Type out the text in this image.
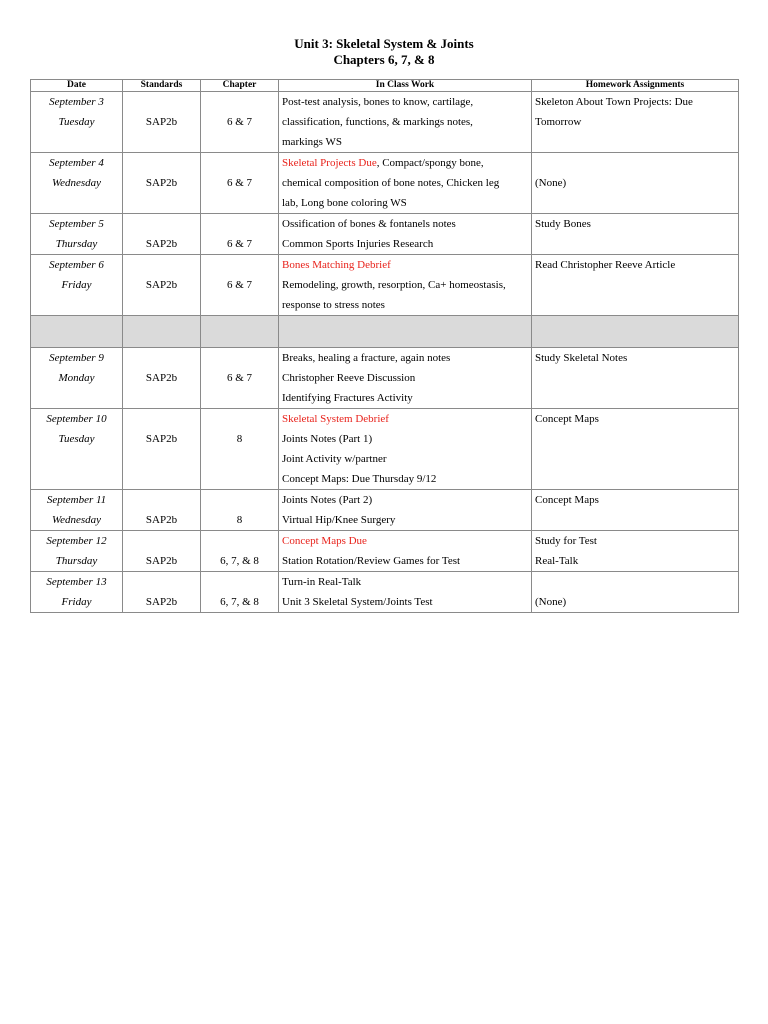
Unit 3: Skeletal System & Joints
Chapters 6, 7, & 8
Date	Standards	Chapter	In Class Work	Homework Assignments

September 3
Tuesday	SAP2b	6 & 7	Post-test analysis, bones to know, cartilage,
classification, functions, & markings notes,
markings WS	Skeleton About Town Projects: Due
Tomorrow

September 4
Wednesday	SAP2b	6 & 7	Skeletal Projects Due, Compact/spongy bone,
chemical composition of bone notes, Chicken leg
lab, Long bone coloring WS	(None)

September 5
Thursday	SAP2b	6 & 7	Ossification of bones & fontanels notes
Common Sports Injuries Research	Study Bones

September 6
Friday	SAP2b	6 & 7	Bones Matching Debrief
Remodeling, growth, resorption, Ca+ homeostasis,
response to stress notes	Read Christopher Reeve Article

September 9
Monday	SAP2b	6 & 7	Breaks, healing a fracture, again notes
Christopher Reeve Discussion
Identifying Fractures Activity	Study Skeletal Notes

September 10
Tuesday	SAP2b	8	Skeletal System Debrief
Joints Notes (Part 1)
Joint Activity w/partner
Concept Maps: Due Thursday 9/12	Concept Maps

September 11
Wednesday	SAP2b	8	Joints Notes (Part 2)
Virtual Hip/Knee Surgery	Concept Maps

September 12
Thursday	SAP2b	6, 7, & 8	Concept Maps Due
Station Rotation/Review Games for Test	Study for Test
Real-Talk

September 13
Friday	SAP2b	6, 7, & 8	Turn-in Real-Talk
Unit 3 Skeletal System/Joints Test	(None)
